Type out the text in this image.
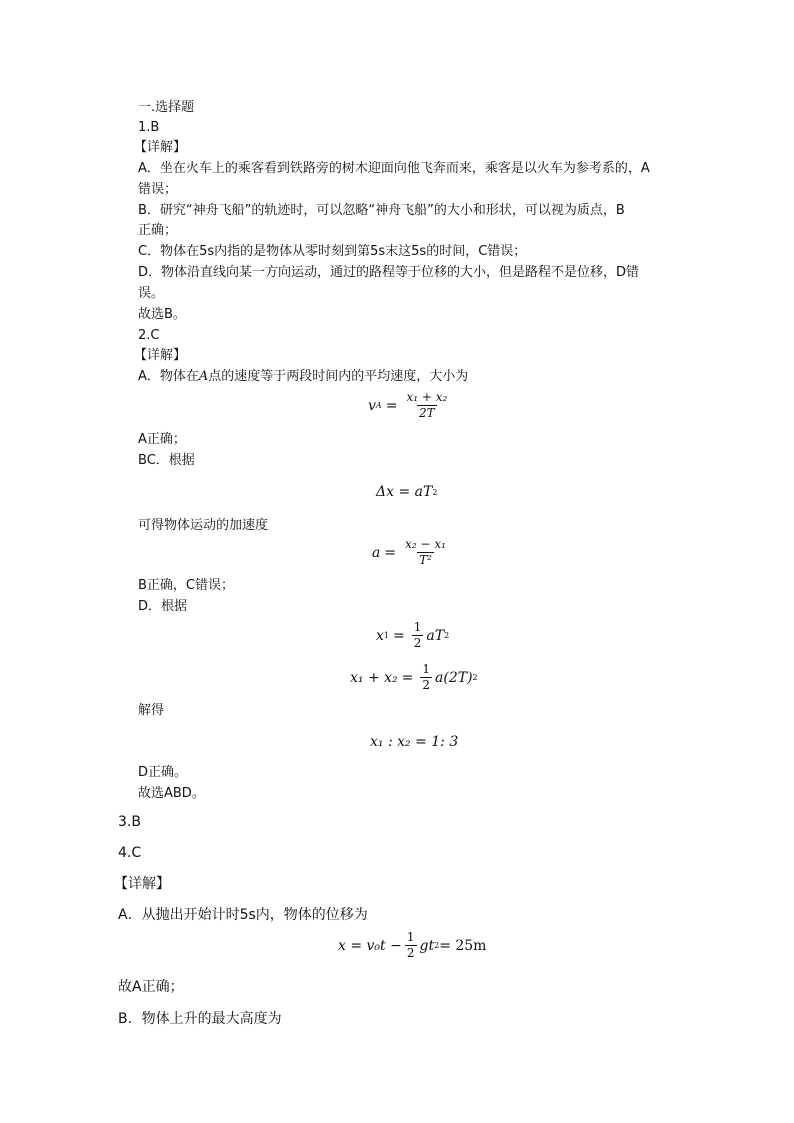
一.选择题
1.B
【详解】
A．坐在火车上的乘客看到铁路旁的树木迎面向他飞奔而来，乘客是以火车为参考系的，A
错误；
B．研究“神舟飞船”的轨迹时，可以忽略“神舟飞船”的大小和形状，可以视为质点，B
正确；
C．物体在5s内指的是物体从零时刻到第5s末这5s的时间，C错误；
D．物体沿直线向某一方向运动，通过的路程等于位移的大小，但是路程不是位移，D错
误。
故选B。
2.C
【详解】
A．物体在A点的速度等于两段时间内的平均速度，大小为
v $A = \frac{\text{x₁ + x₂}}{2T}$
A正确；
BC．根据
Δx = aT 2
可得物体运动的加速度
$a = \frac{\text{x₂ − x₁}}{\text{T²}}$
B正确，C错误；
D．根据
x $1 = \frac{1}{2}$ aT 2
$x_1 + x_2 = \frac{1}{2} a(2T)$ 2
解得
x₁ : x₂ = 1: 3
D正确。
故选ABD。
3.B
4.C
【详解】
A．从抛出开始计时5s内，物体的位移为
$x = v_0t - \frac{1}{2}$ gt 2 = 25m
故A正确；
B．物体上升的最大高度为
